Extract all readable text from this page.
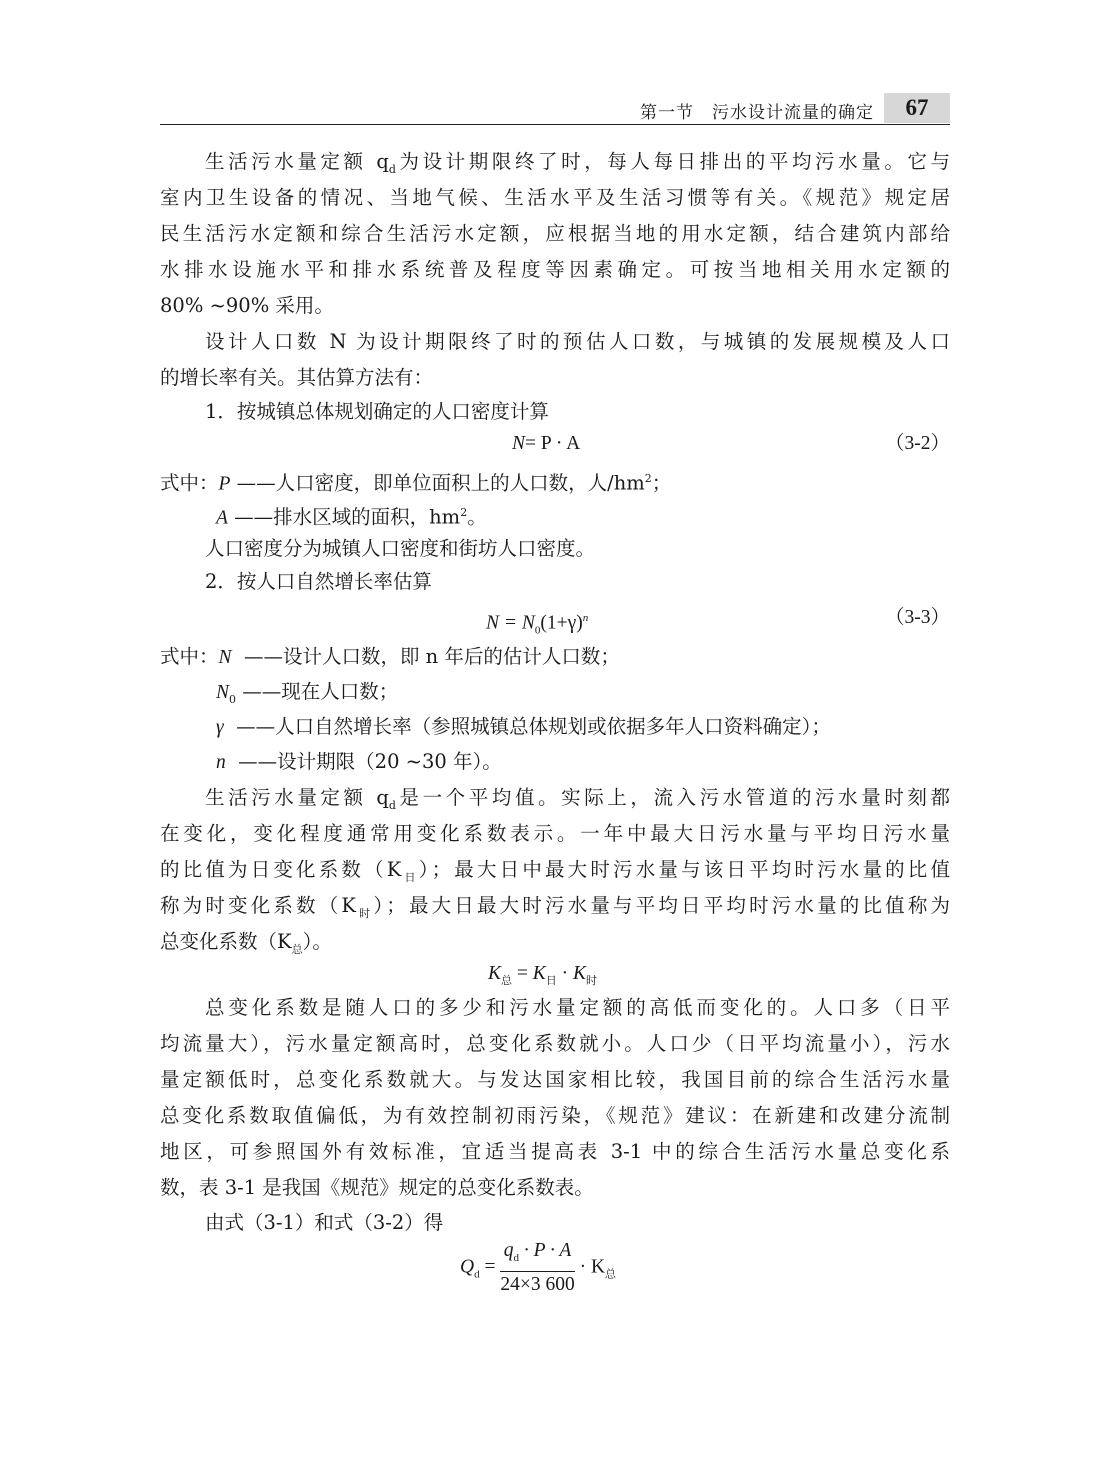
第一节　污水设计流量的确定	67
生活污水量定额 $q_d$为设计期限终了时，每人每日排出的平均污水量。它与
室内卫生设备的情况、当地气候、生活水平及生活习惯等有关。《规范》规定居
民生活污水定额和综合生活污水定额，应根据当地的用水定额，结合建筑内部给
水排水设施水平和排水系统普及程度等因素确定。可按当地相关用水定额的
80% ~90% 采用。
设计人口数 N 为设计期限终了时的预估人口数，与城镇的发展规模及人口
的增长率有关。其估算方法有：
1．按城镇总体规划确定的人口密度计算
N= P · A	（3-2）
式中：P ——人口密度，即单位面积上的人口数，人$/hm^2$；
A ——排水区域的面积，$hm^2$。
人口密度分为城镇人口密度和街坊人口密度。
2．按人口自然增长率估算
$N = N_0(1+\gamma)^n$	（3-3）
式中：N ——设计人口数，即 n 年后的估计人口数；
$N_0$ ——现在人口数；
γ ——人口自然增长率（参照城镇总体规划或依据多年人口资料确定）；
n ——设计期限（20 ~30 年）。
生活污水量定额 $q_d$是一个平均值。实际上，流入污水管道的污水量时刻都
在变化，变化程度通常用变化系数表示。一年中最大日污水量与平均日污水量
的比值为日变化系数$(K_日)$；最大日中最大时污水量与该日平均时污水量的比值
称为时变化系数$(K_时)$；最大日最大时污水量与平均日平均时污水量的比值称为
总变化系数$(K_总)$。
$K_总 = K_日 \cdot K_时$
总变化系数是随人口的多少和污水量定额的高低而变化的。人口多（日平
均流量大），污水量定额高时，总变化系数就小。人口少（日平均流量小），污水
量定额低时，总变化系数就大。与发达国家相比较，我国目前的综合生活污水量
总变化系数取值偏低，为有效控制初雨污染，《规范》建议：在新建和改建分流制
地区，可参照国外有效标准，宜适当提高表 3-1 中的综合生活污水量总变化系
数，表 3-1 是我国《规范》规定的总变化系数表。
由式（3-1）和式（3-2）得
$Q_d = \frac{q_d \cdot P \cdot A}{24\times 3 600} \cdot K_总$
